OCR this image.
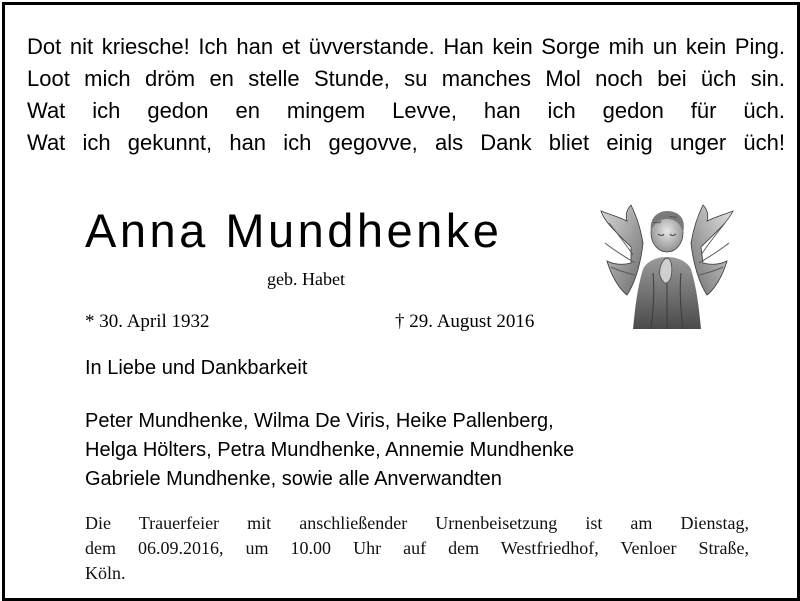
Dot nit kriesche! Ich han et üvverstande. Han kein Sorge mih un kein Ping.
Loot mich dröm en stelle Stunde, su manches Mol noch bei üch sin.
Wat ich gedon en mingem Levve, han ich gedon für üch.
Wat ich gekunnt, han ich gegovve, als Dank bliet einig unger üch!
Anna Mundhenke
geb. Habet
* 30. April 1932	† 29. August 2016
In Liebe und Dankbarkeit
Peter Mundhenke, Wilma De Viris, Heike Pallenberg,
Helga Hölters, Petra Mundhenke, Annemie Mundhenke
Gabriele Mundhenke, sowie alle Anverwandten
Die Trauerfeier mit anschließender Urnenbeisetzung ist am Dienstag,
dem 06.09.2016, um 10.00 Uhr auf dem Westfriedhof, Venloer Straße,
Köln.
